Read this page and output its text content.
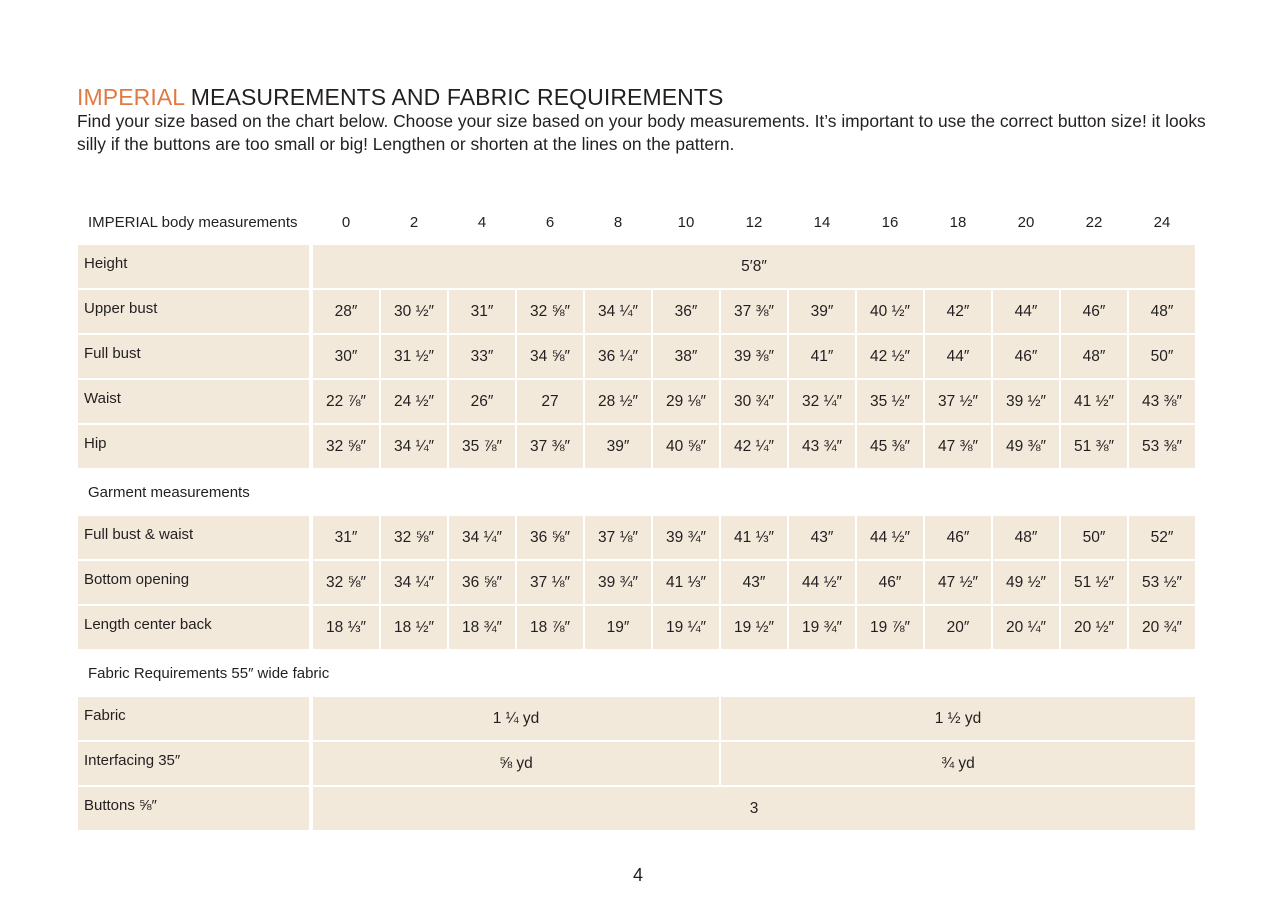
IMPERIAL MEASUREMENTS AND FABRIC REQUIREMENTS
Find your size based on the chart below. Choose your size based on your body measurements. It’s important to use the correct button size! it looks silly if the buttons are too small or big! Lengthen or shorten at the lines on the pattern.
IMPERIAL body measurements	0	2	4	6	8	10	12	14	16	18	20	22	24
Height	5′8″
Upper bust	28″	30 ½″	31″	32 ⅝″	34 ¼″	36″	37 ⅜″	39″	40 ½″	42″	44″	46″	48″
Full bust	30″	31 ½″	33″	34 ⅝″	36 ¼″	38″	39 ⅜″	41″	42 ½″	44″	46″	48″	50″
Waist	22 ⅞″	24 ½″	26″	27	28 ½″	29 ⅛″	30 ¾″	32 ¼″	35 ½″	37 ½″	39 ½″	41 ½″	43 ⅜″
Hip	32 ⅝″	34 ¼″	35 ⅞″	37 ⅜″	39″	40 ⅝″	42 ¼″	43 ¾″	45 ⅜″	47 ⅜″	49 ⅜″	51 ⅜″	53 ⅜″
Garment measurements
Full bust & waist	31″	32 ⅝″	34 ¼″	36 ⅝″	37 ⅛″	39 ¾″	41 ⅓″	43″	44 ½″	46″	48″	50″	52″
Bottom opening	32 ⅝″	34 ¼″	36 ⅝″	37 ⅛″	39 ¾″	41 ⅓″	43″	44 ½″	46″	47 ½″	49 ½″	51 ½″	53 ½″
Length center back	18 ⅓″	18 ½″	18 ¾″	18 ⅞″	19″	19 ¼″	19 ½″	19 ¾″	19 ⅞″	20″	20 ¼″	20 ½″	20 ¾″
Fabric Requirements 55″ wide fabric
Fabric	1 ¼ yd	1 ½ yd
Interfacing 35″	⅝ yd	¾ yd
Buttons ⅝″	3
4
